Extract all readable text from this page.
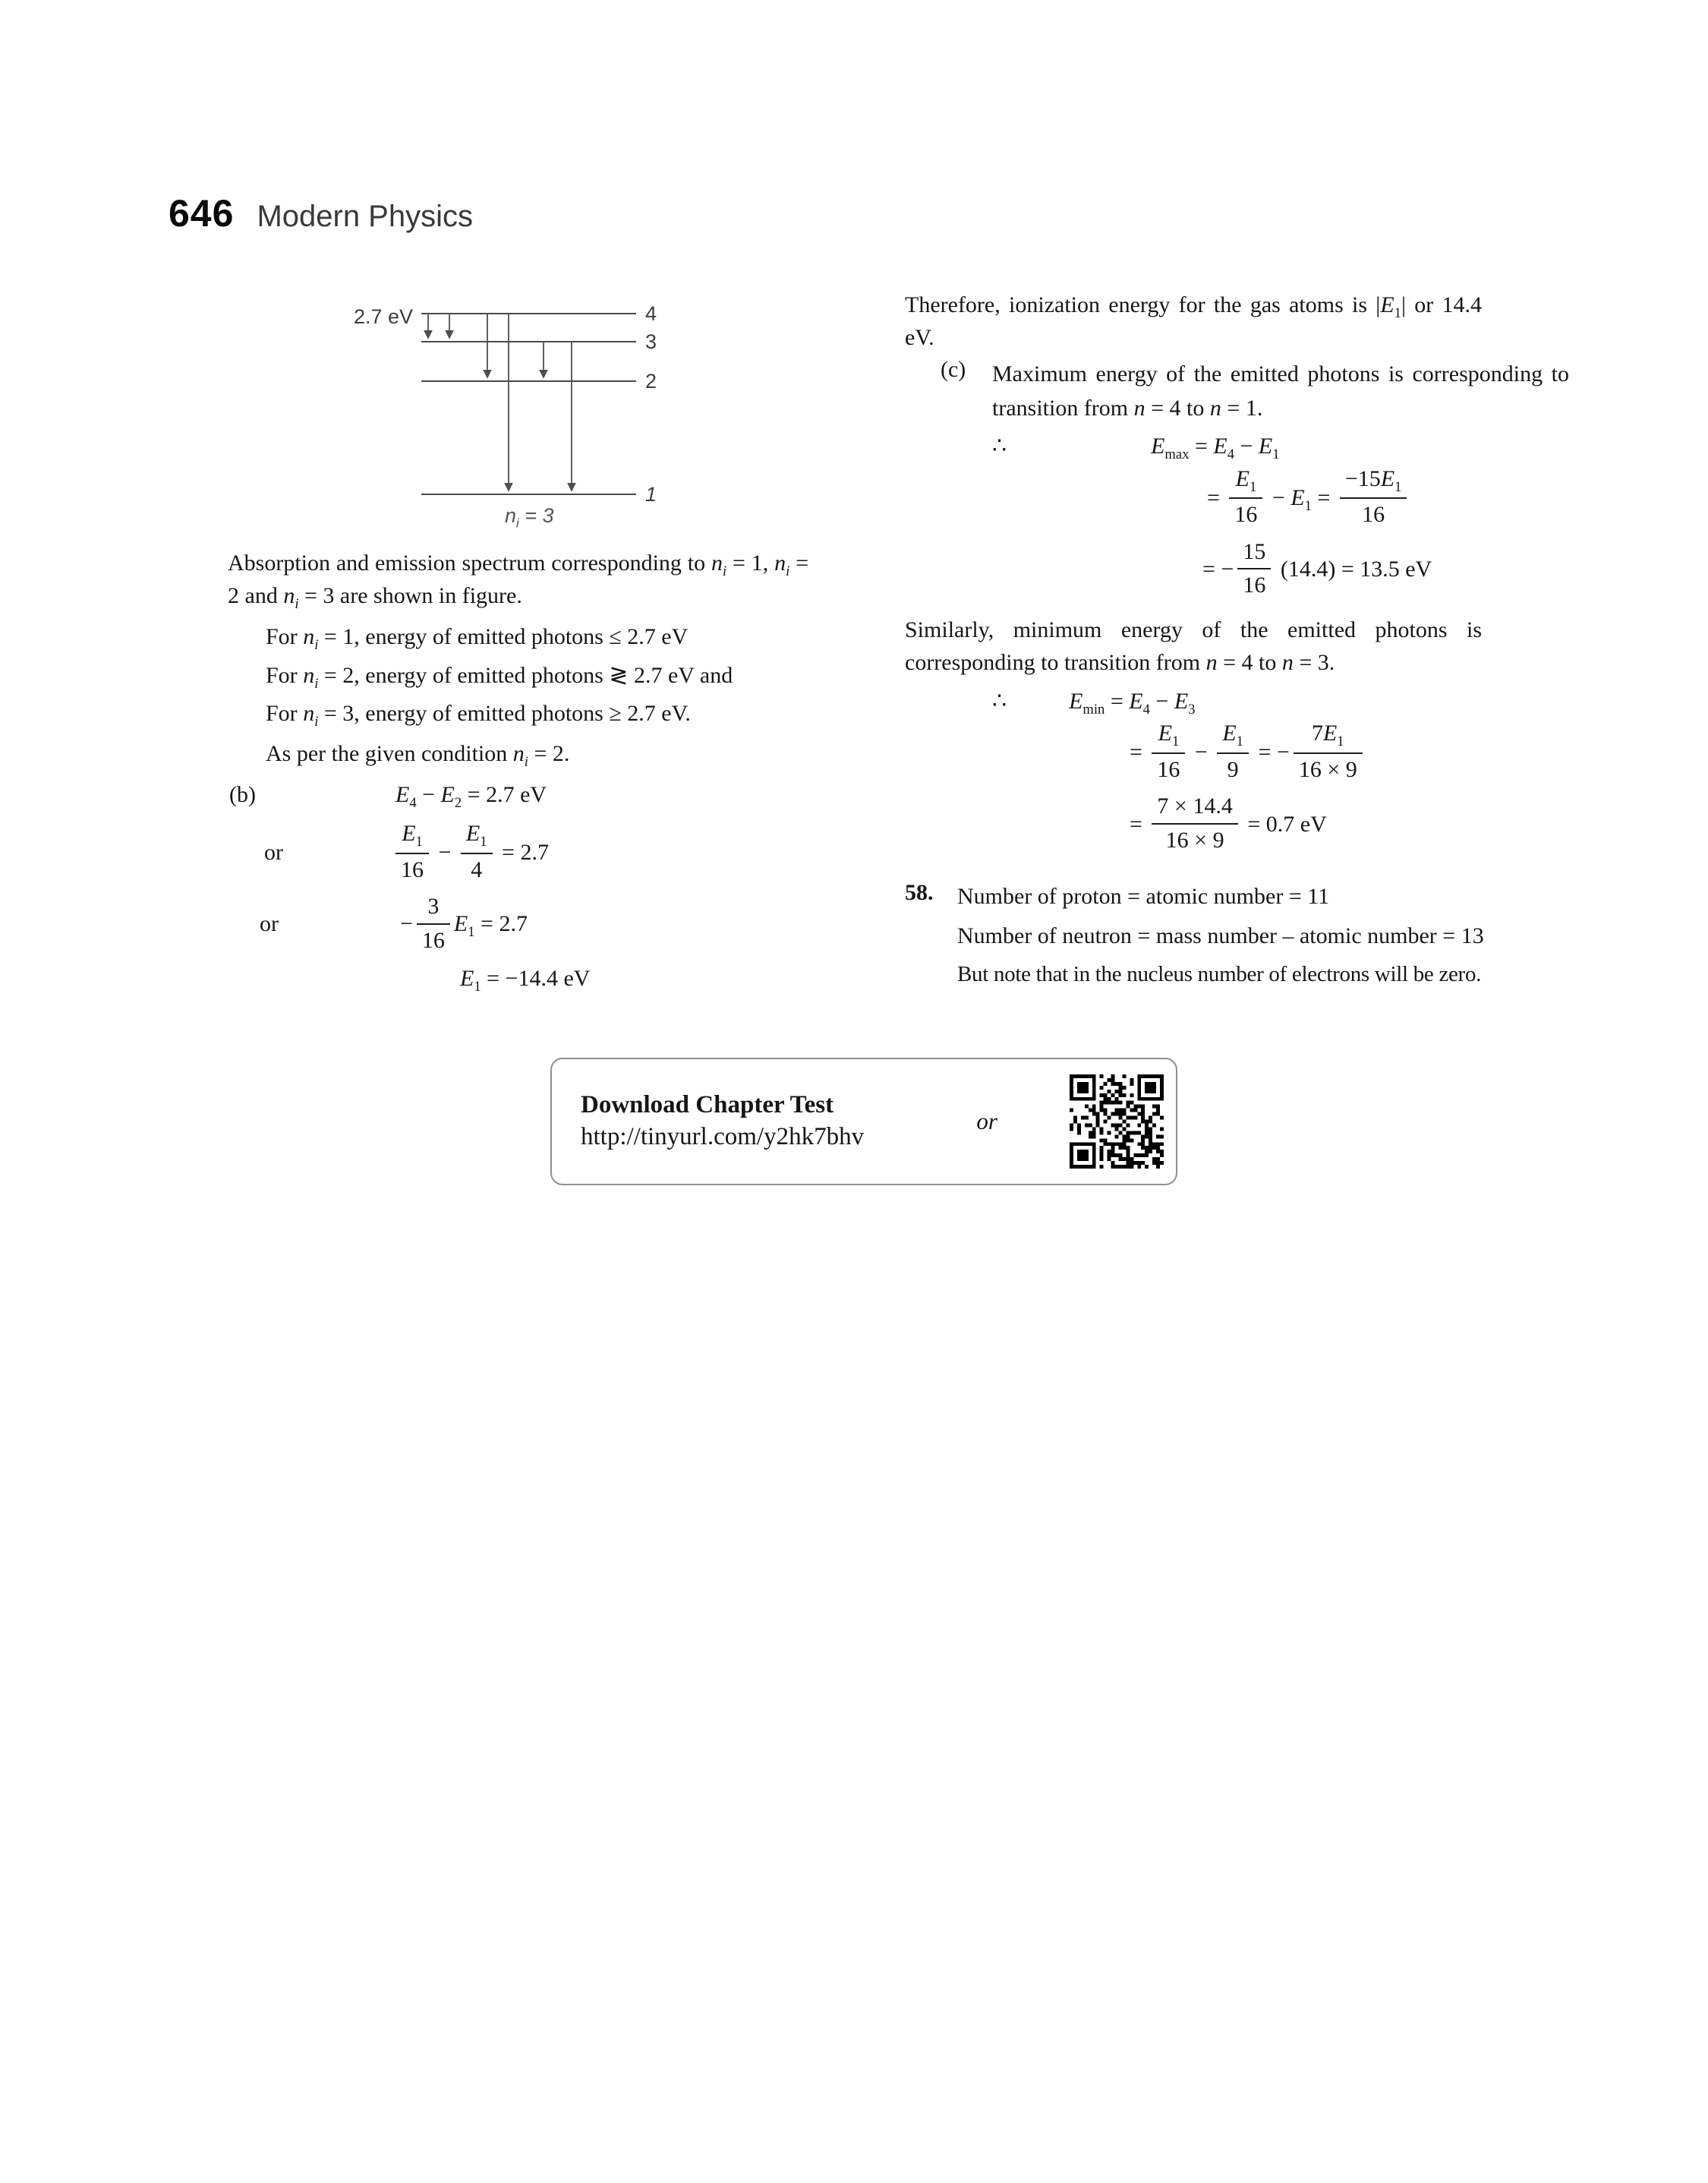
646 Modern Physics
2.7 eV	4
3
2
1
$n_i = 3$

Absorption and emission spectrum corresponding to $n_i = 1$, $n_i = 2$ and $n_i = 3$ are shown in figure.

For $n_i = 1$, energy of emitted photons ≤ 2.7 eV
For $n_i = 2$, energy of emitted photons ≷ 2.7 eV and
For $n_i = 3$, energy of emitted photons ≥ 2.7 eV.
As per the given condition $n_i = 2$.
(b)	$E_4 - E_2 = 2.7$ eV
or	$\frac{E_1}{16} - \frac{E_1}{4} = 2.7$
or	− $\frac{3}{16} E_1 = 2.7$
$E_1 = -14.4$ eV

Therefore, ionization energy for the gas atoms is $|E_1|$ or 14.4 eV.

(c) Maximum energy of the emitted photons is corresponding to transition from n = 4 to n = 1.
∴	$E_{max} = E_4 - E_1$
= $\frac{E_1}{16} - E_1 = \frac{-15E_1}{16}$
= − $\frac{15}{16} (14.4) = 13.5$ eV

Similarly, minimum energy of the emitted photons is corresponding to transition from n = 4 to n = 3.

∴	$E_{min} = E_4 - E_3$
= $\frac{E_1}{16} - \frac{E_1}{9}$ = − $\frac{7E_1}{16 \times 9}$
= $\frac{7 \times 14.4}{16 \times 9} = 0.7$ eV
58. Number of proton = atomic number = 11
Number of neutron = mass number – atomic number = 13
But note that in the nucleus number of electrons will be zero.
Download Chapter Test
http://tinyurl.com/y2hk7bhv
or
